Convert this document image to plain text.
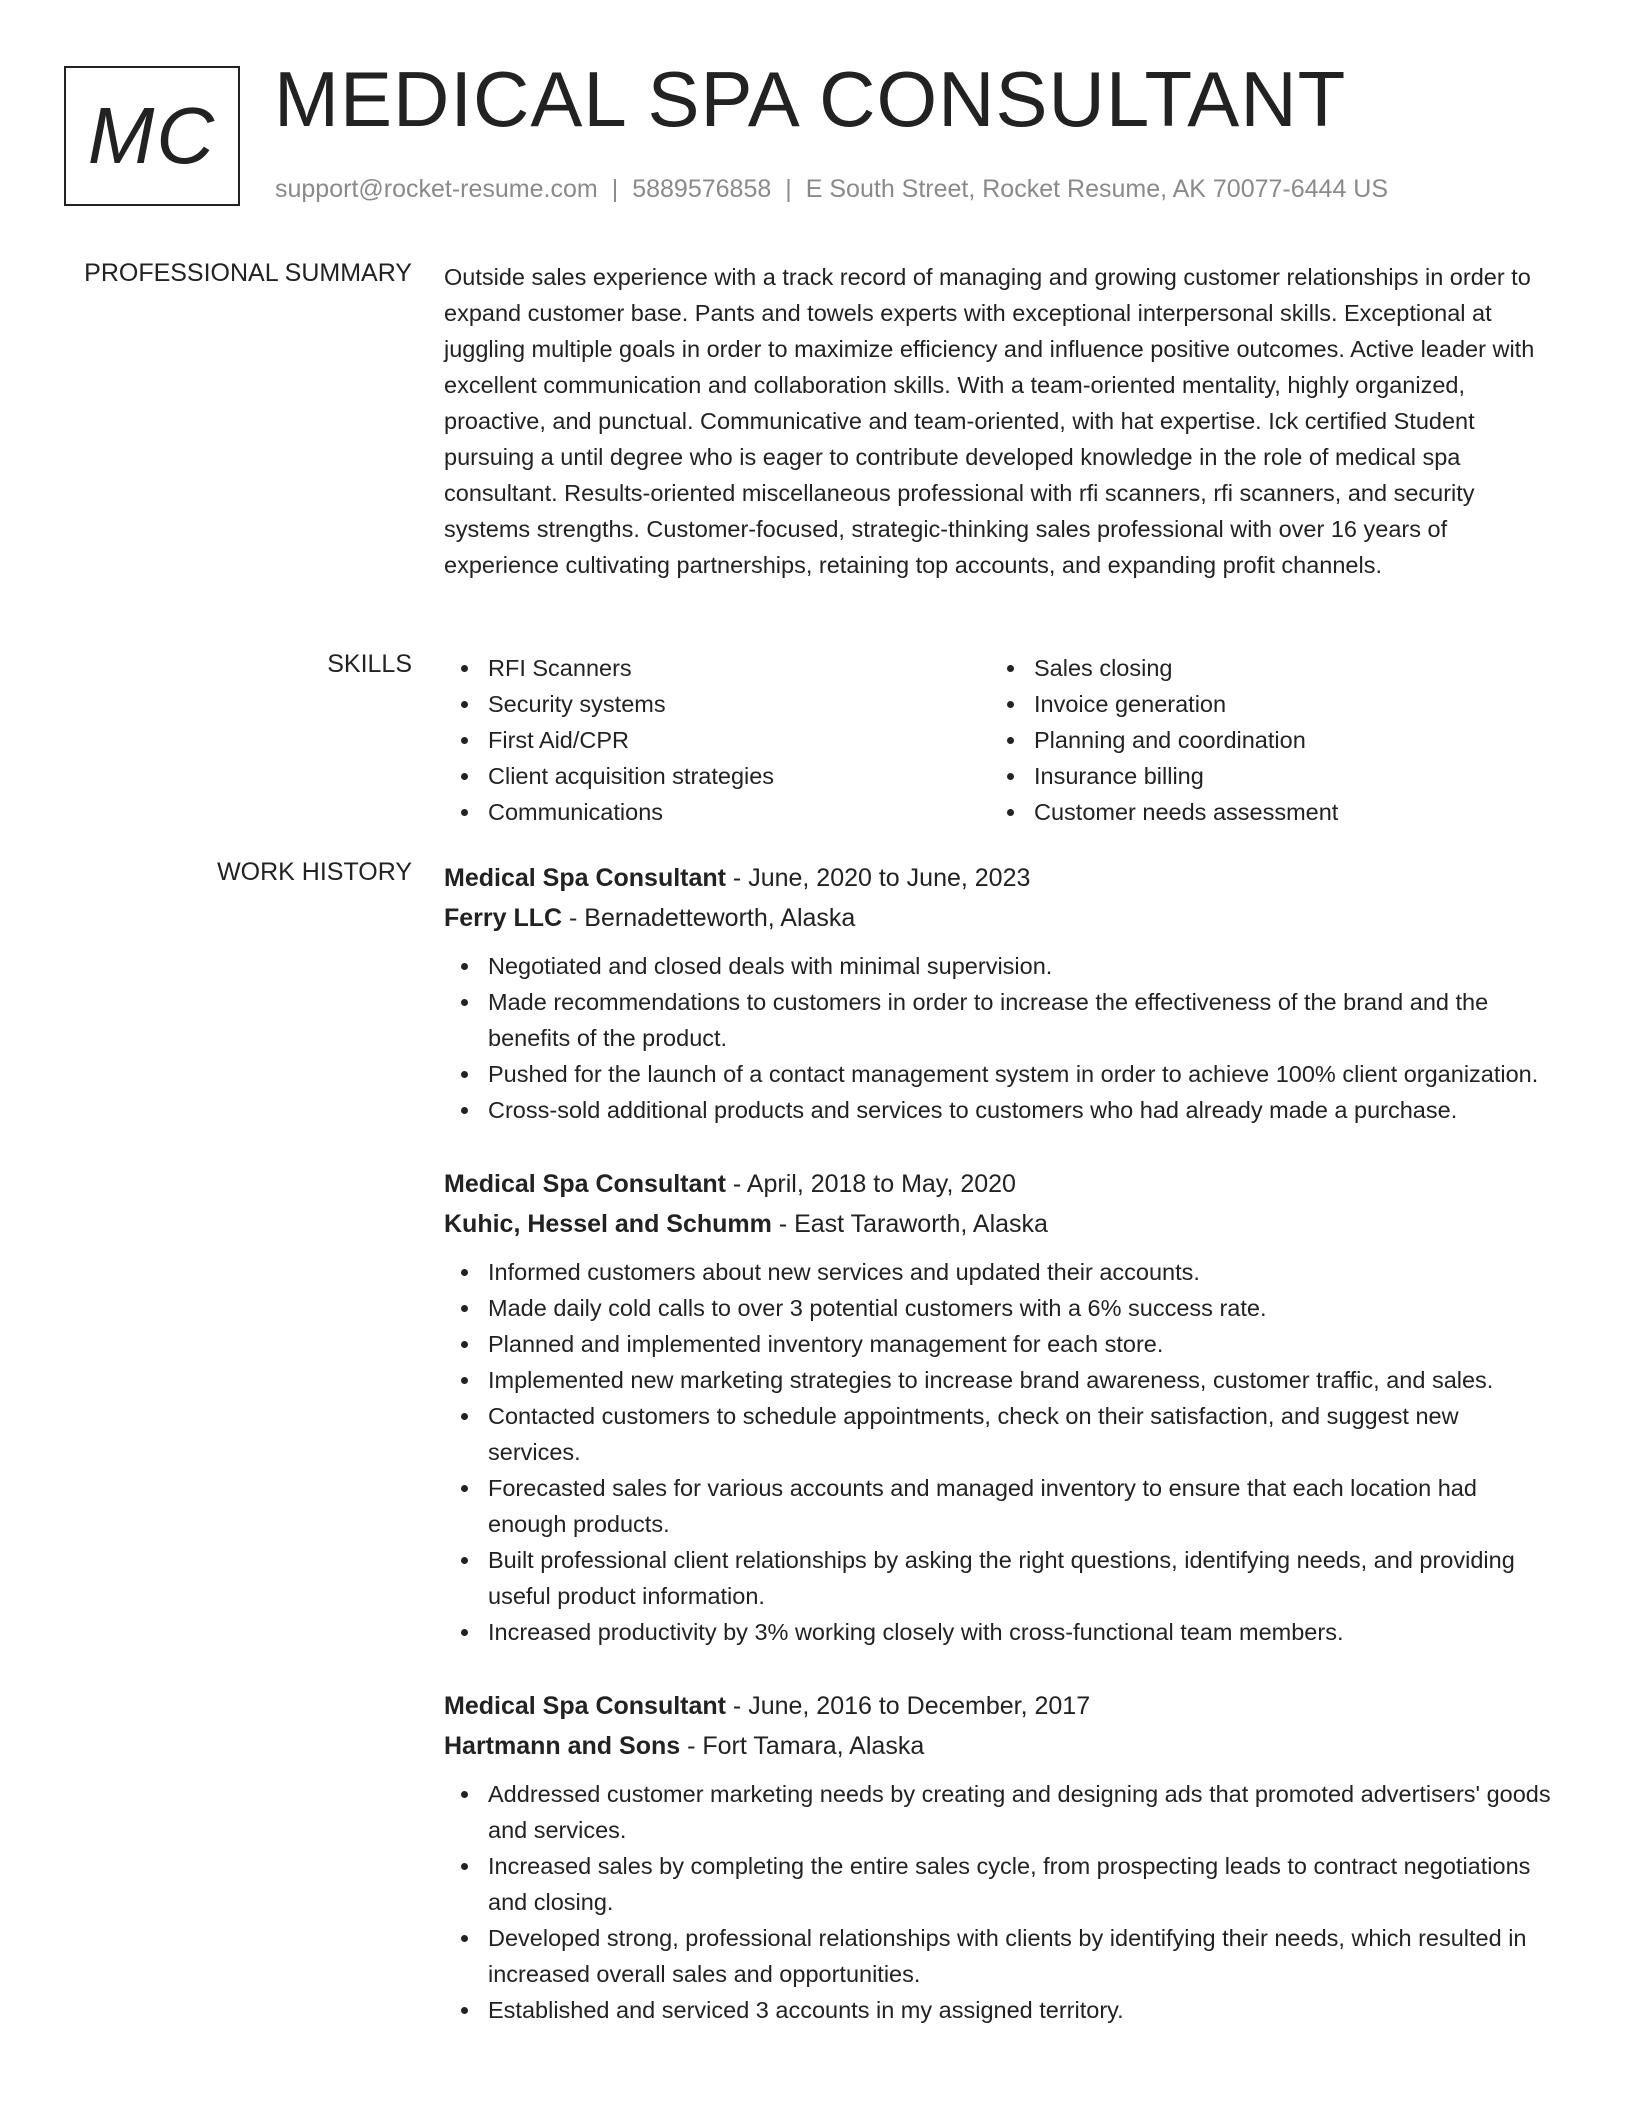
MC MEDICAL SPA CONSULTANT
support@rocket-resume.com | 5889576858 | E South Street, Rocket Resume, AK 70077-6444 US
PROFESSIONAL SUMMARY Outside sales experience with a track record of managing and growing customer relationships in order to expand customer base. Pants and towels experts with exceptional interpersonal skills. Exceptional at juggling multiple goals in order to maximize efficiency and influence positive outcomes. Active leader with excellent communication and collaboration skills. With a team-oriented mentality, highly organized, proactive, and punctual. Communicative and team-oriented, with hat expertise. Ick certified Student pursuing a until degree who is eager to contribute developed knowledge in the role of medical spa consultant. Results-oriented miscellaneous professional with rfi scanners, rfi scanners, and security systems strengths. Customer-focused, strategic-thinking sales professional with over 16 years of experience cultivating partnerships, retaining top accounts, and expanding profit channels.

SKILLS	RFI Scanners
Security systems
First Aid/CPR
Client acquisition strategies
Communications
Sales closing
Invoice generation
Planning and coordination
Insurance billing
Customer needs assessment
WORK HISTORY Medical Spa Consultant - June, 2020 to June, 2023
Ferry LLC - Bernadetteworth, Alaska
Negotiated and closed deals with minimal supervision.
Made recommendations to customers in order to increase the effectiveness of the brand and the benefits of the product.
Pushed for the launch of a contact management system in order to achieve 100% client organization.
Cross-sold additional products and services to customers who had already made a purchase.
Medical Spa Consultant - April, 2018 to May, 2020
Kuhic, Hessel and Schumm - East Taraworth, Alaska
Informed customers about new services and updated their accounts.
Made daily cold calls to over 3 potential customers with a 6% success rate.
Planned and implemented inventory management for each store.
Implemented new marketing strategies to increase brand awareness, customer traffic, and sales.
Contacted customers to schedule appointments, check on their satisfaction, and suggest new services.
Forecasted sales for various accounts and managed inventory to ensure that each location had enough products.
Built professional client relationships by asking the right questions, identifying needs, and providing useful product information.
Increased productivity by 3% working closely with cross-functional team members.
Medical Spa Consultant - June, 2016 to December, 2017
Hartmann and Sons - Fort Tamara, Alaska
Addressed customer marketing needs by creating and designing ads that promoted advertisers' goods and services.
Increased sales by completing the entire sales cycle, from prospecting leads to contract negotiations and closing.
Developed strong, professional relationships with clients by identifying their needs, which resulted in increased overall sales and opportunities.
Established and serviced 3 accounts in my assigned territory.
